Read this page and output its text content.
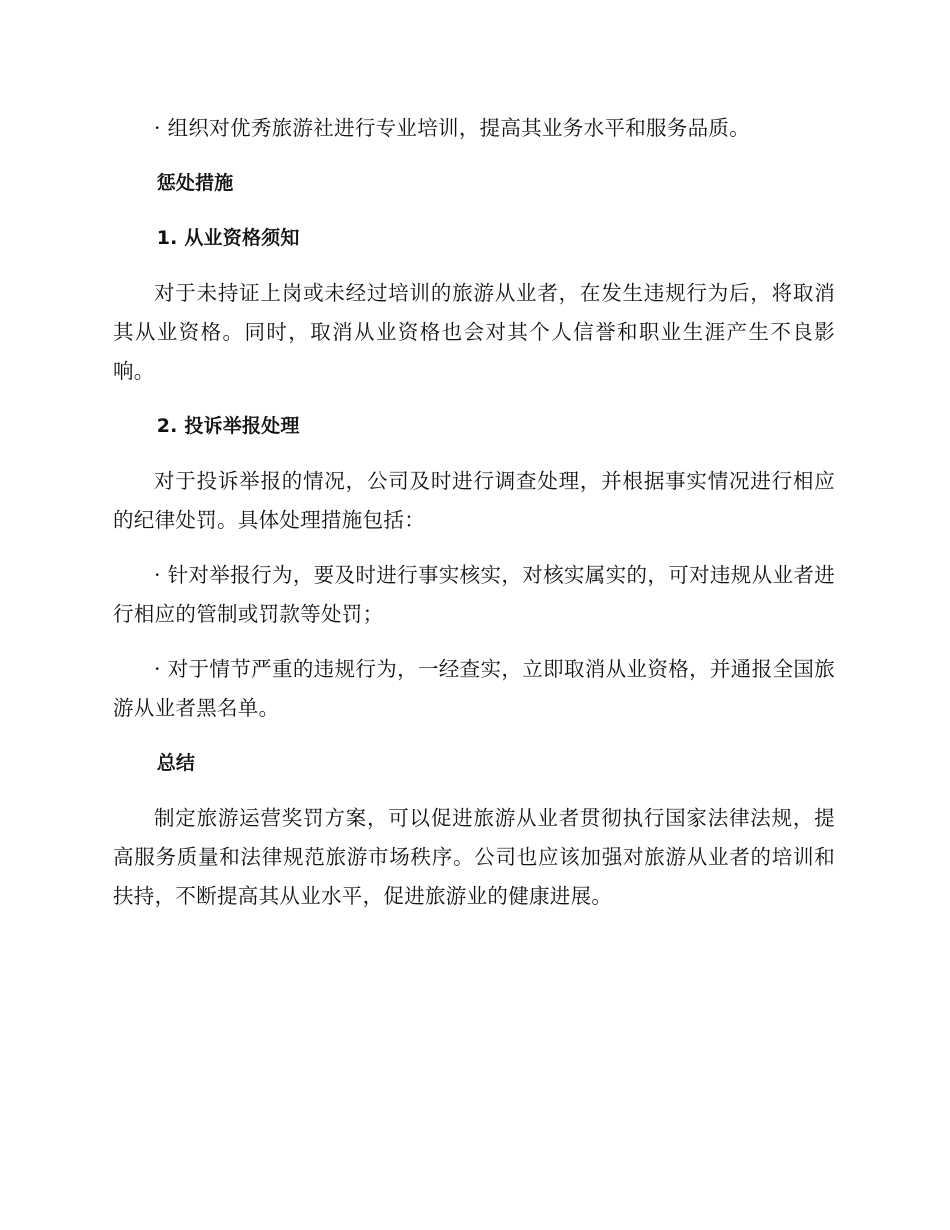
· 组织对优秀旅游社进行专业培训，提高其业务水平和服务品质。

惩处措施
1. 从业资格须知

对于未持证上岗或未经过培训的旅游从业者，在发生违规行为后，将取消其从业资格。同时，取消从业资格也会对其个人信誉和职业生涯产生不良影响。

2. 投诉举报处理

对于投诉举报的情况，公司及时进行调查处理，并根据事实情况进行相应的纪律处罚。具体处理措施包括：

· 针对举报行为，要及时进行事实核实，对核实属实的，可对违规从业者进行相应的管制或罚款等处罚；

· 对于情节严重的违规行为，一经查实，立即取消从业资格，并通报全国旅游从业者黑名单。

总结

制定旅游运营奖罚方案，可以促进旅游从业者贯彻执行国家法律法规，提高服务质量和法律规范旅游市场秩序。公司也应该加强对旅游从业者的培训和扶持，不断提高其从业水平，促进旅游业的健康进展。
